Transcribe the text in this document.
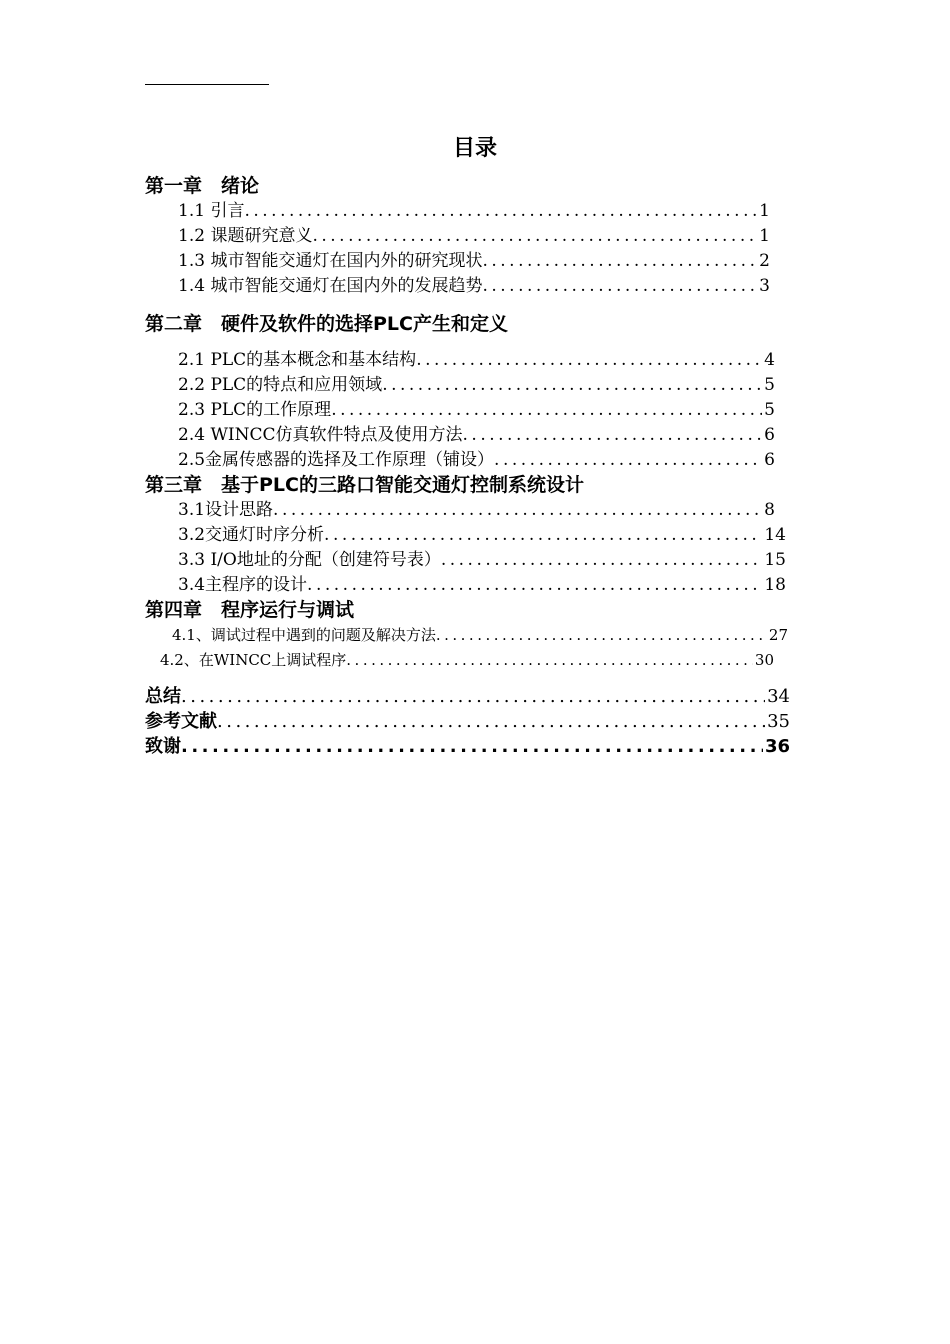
目录
第一章　绪论
1.1 引言 .....	1
1.2 课题研究意义 .....	1
1.3 城市智能交通灯在国内外的研究现状 .....	2
1.4 城市智能交通灯在国内外的发展趋势 .....	3
第二章　硬件及软件的选择PLC产生和定义
2.1 PLC的基本概念和基本结构 .....	4
2.2 PLC的特点和应用领域 .....	5
2.3 PLC的工作原理 .....	5
2.4 WINCC仿真软件特点及使用方法 .....	6
2.5金属传感器的选择及工作原理（铺设） .....	6
第三章　基于PLC的三路口智能交通灯控制系统设计
3.1设计思路 .....	8
3.2交通灯时序分析 .....	14
3.3 I/O地址的分配（创建符号表） .....	15
3.4主程序的设计 .....	18
第四章　程序运行与调试
4.1、调试过程中遇到的问题及解决方法 .....	27
4.2、在WINCC上调试程序 .....	30
总结 .....	34
参考文献 .....	35
致谢 .....	36
